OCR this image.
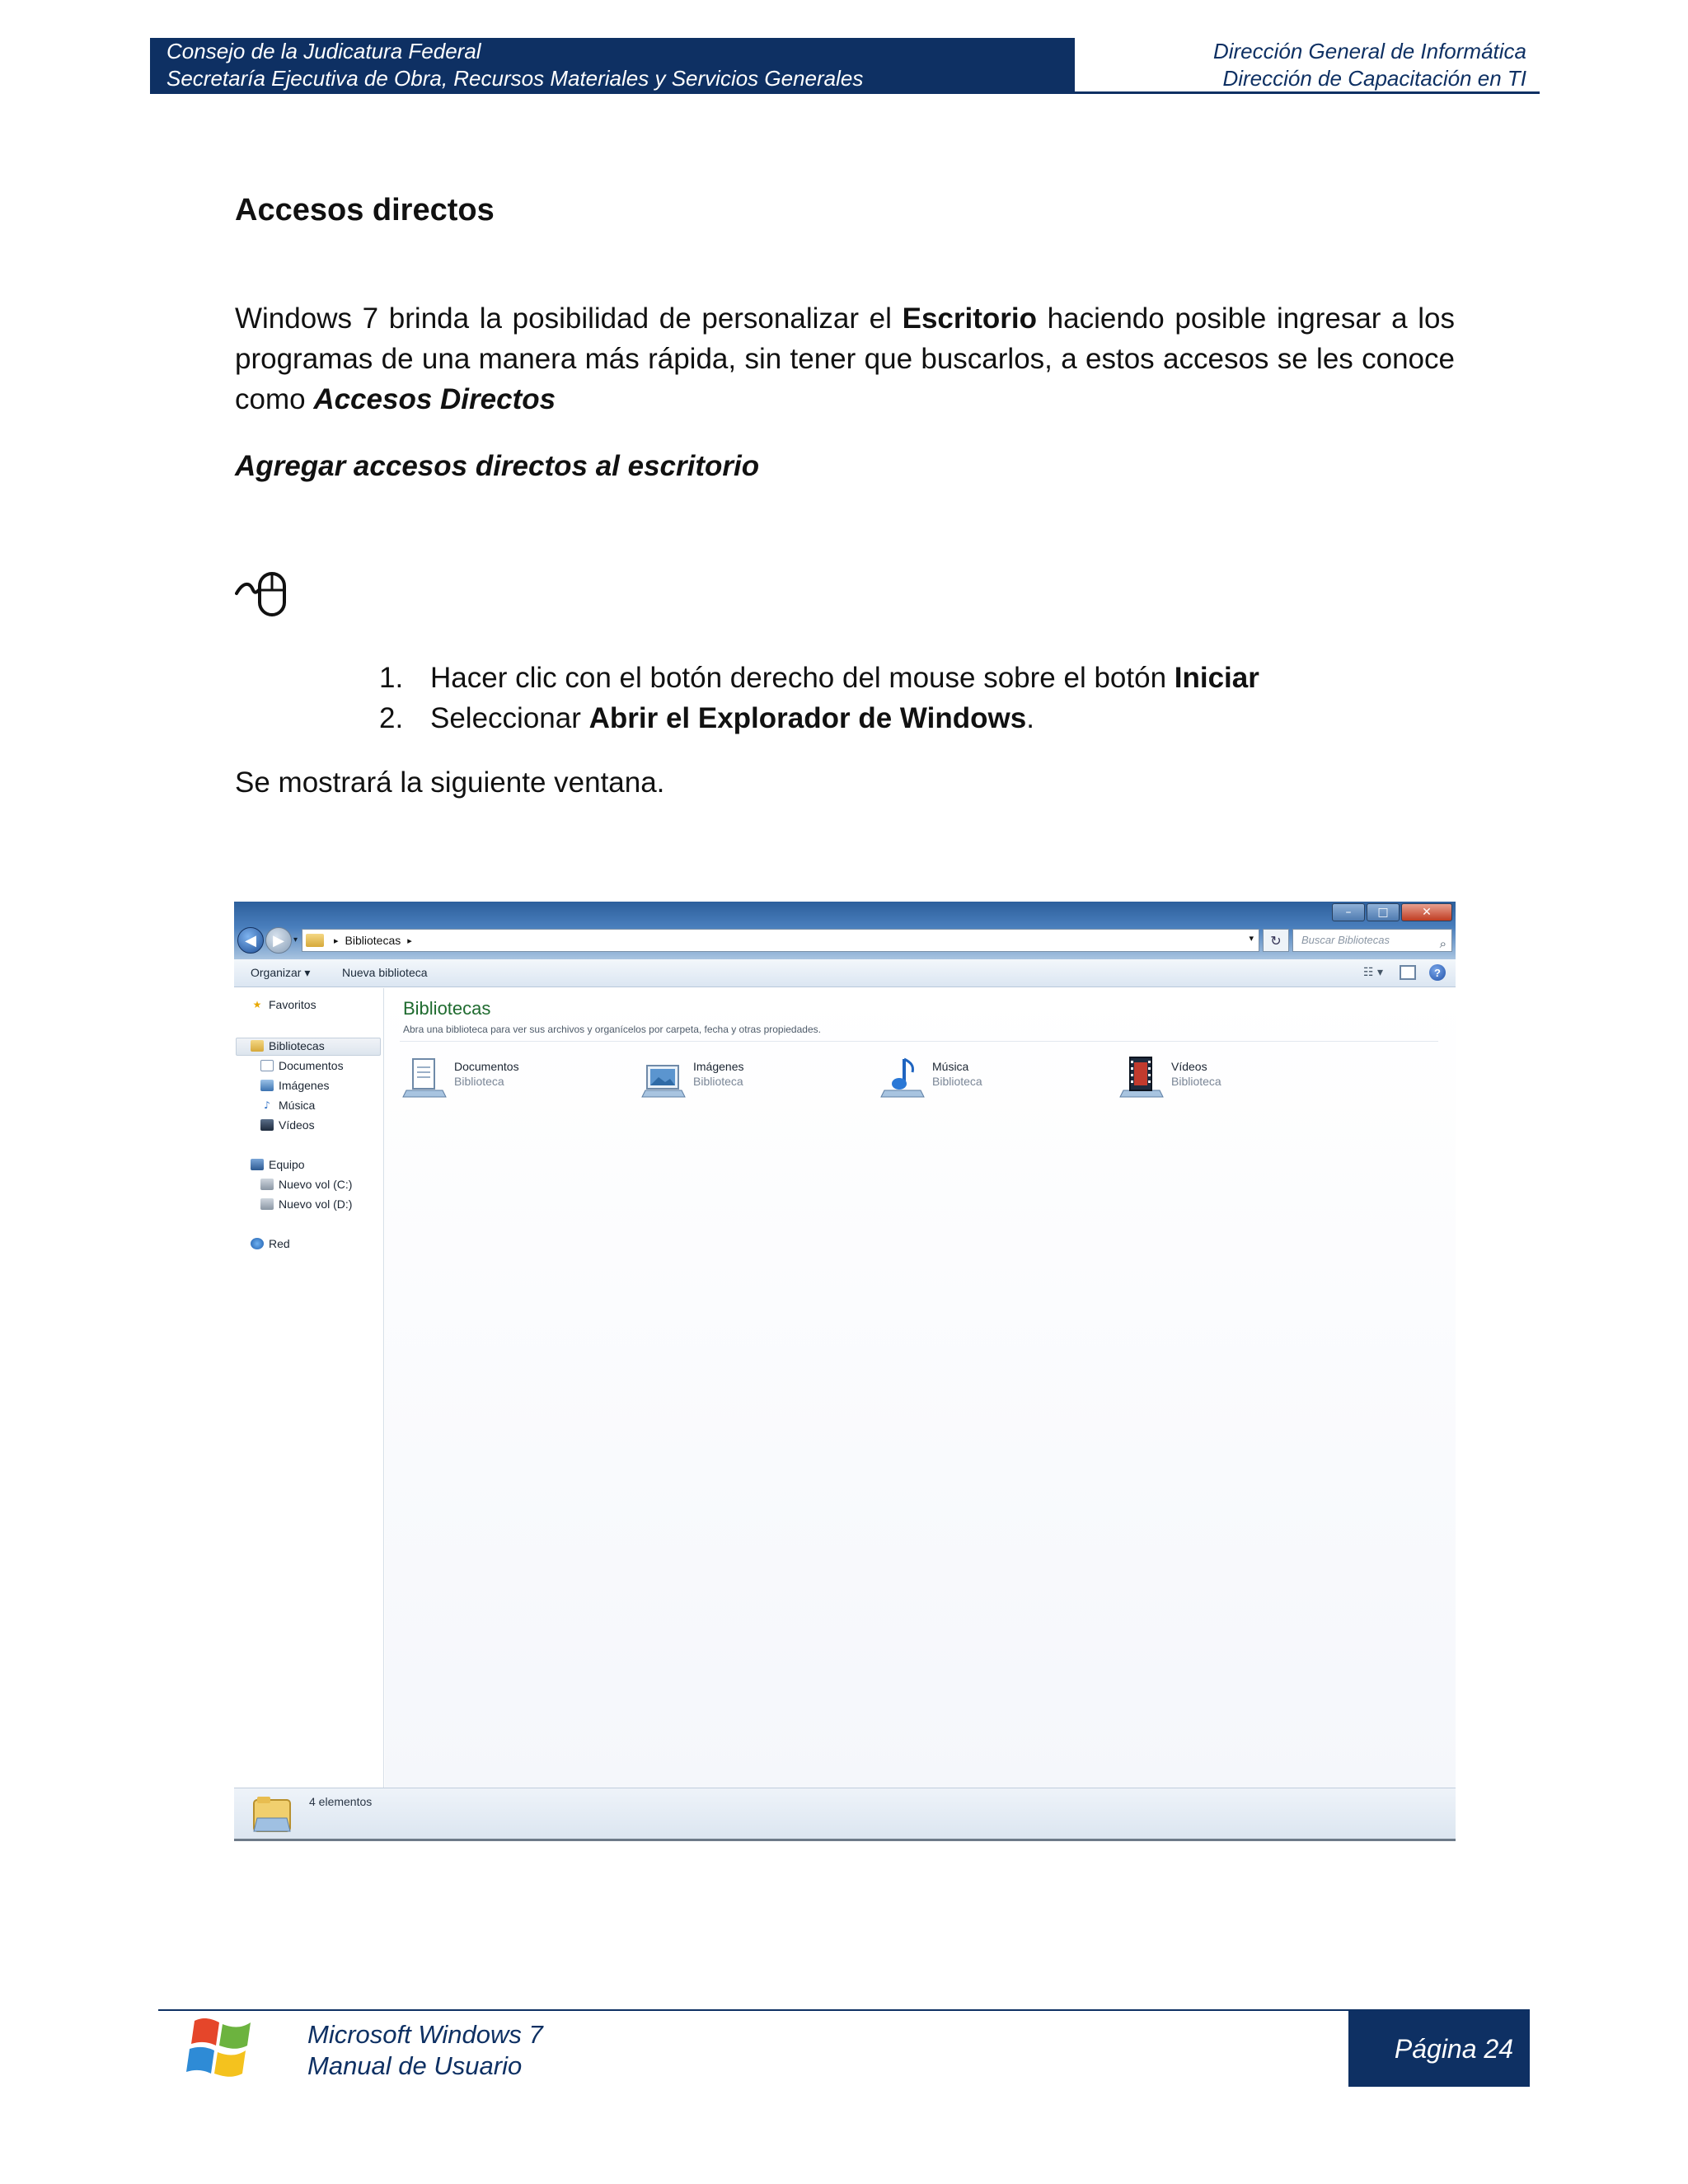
Consejo de la Judicatura Federal
Secretaría Ejecutiva de Obra, Recursos Materiales y Servicios Generales
Dirección General de Informática
Dirección de Capacitación en TI
Accesos directos

Windows 7 brinda la posibilidad de personalizar el Escritorio haciendo posible ingresar a los programas de una manera más rápida, sin tener que buscarlos, a estos accesos se les conoce como Accesos Directos

Agregar accesos directos al escritorio
1. Hacer clic con el botón derecho del mouse sobre el botón Iniciar
2. Seleccionar Abrir el Explorador de Windows.
Se mostrará la siguiente ventana.
– □	✕
◀ ▶ ▾	▸ Bibliotecas ▸	▾ ↻	Buscar Bibliotecas	⌕
Organizar ▾	Nueva biblioteca	☷ ▾	?
★ Favoritos
Bibliotecas
Documentos
Imágenes
♪ Música
Vídeos
Equipo
Nuevo vol (C:)
Nuevo vol (D:)
Red
Bibliotecas
Abra una biblioteca para ver sus archivos y organícelos por carpeta, fecha y otras propiedades.
Documentos
Biblioteca
Imágenes
Biblioteca
Música
Biblioteca
Vídeos
Biblioteca
4 elementos
Microsoft Windows 7
Manual de Usuario
Página 24
